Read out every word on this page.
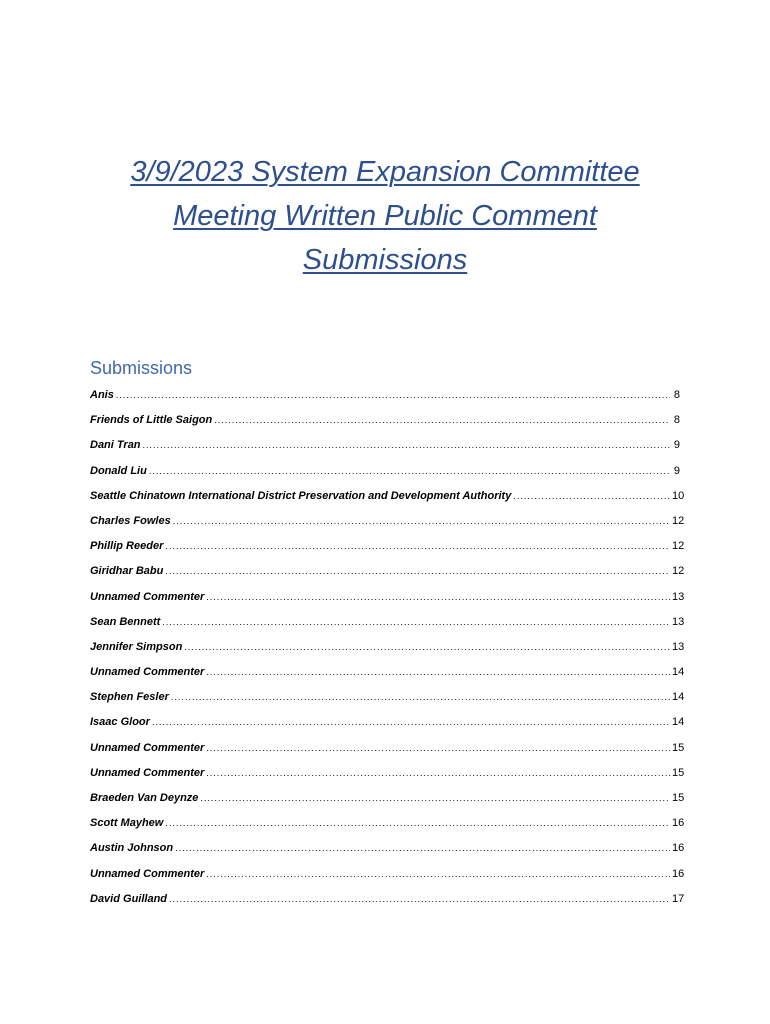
3/9/2023 System Expansion Committee
Meeting Written Public Comment
Submissions
Submissions
Anis .....	8
Friends of Little Saigon .....	8
Dani Tran .....	9
Donald Liu .....	9
Seattle Chinatown International District Preservation and Development Authority .....	10
Charles Fowles .....	12
Phillip Reeder .....	12
Giridhar Babu .....	12
Unnamed Commenter .....	13
Sean Bennett .....	13
Jennifer Simpson .....	13
Unnamed Commenter .....	14
Stephen Fesler .....	14
Isaac Gloor .....	14
Unnamed Commenter .....	15
Unnamed Commenter .....	15
Braeden Van Deynze .....	15
Scott Mayhew .....	16
Austin Johnson .....	16
Unnamed Commenter .....	16
David Guilland .....	17
